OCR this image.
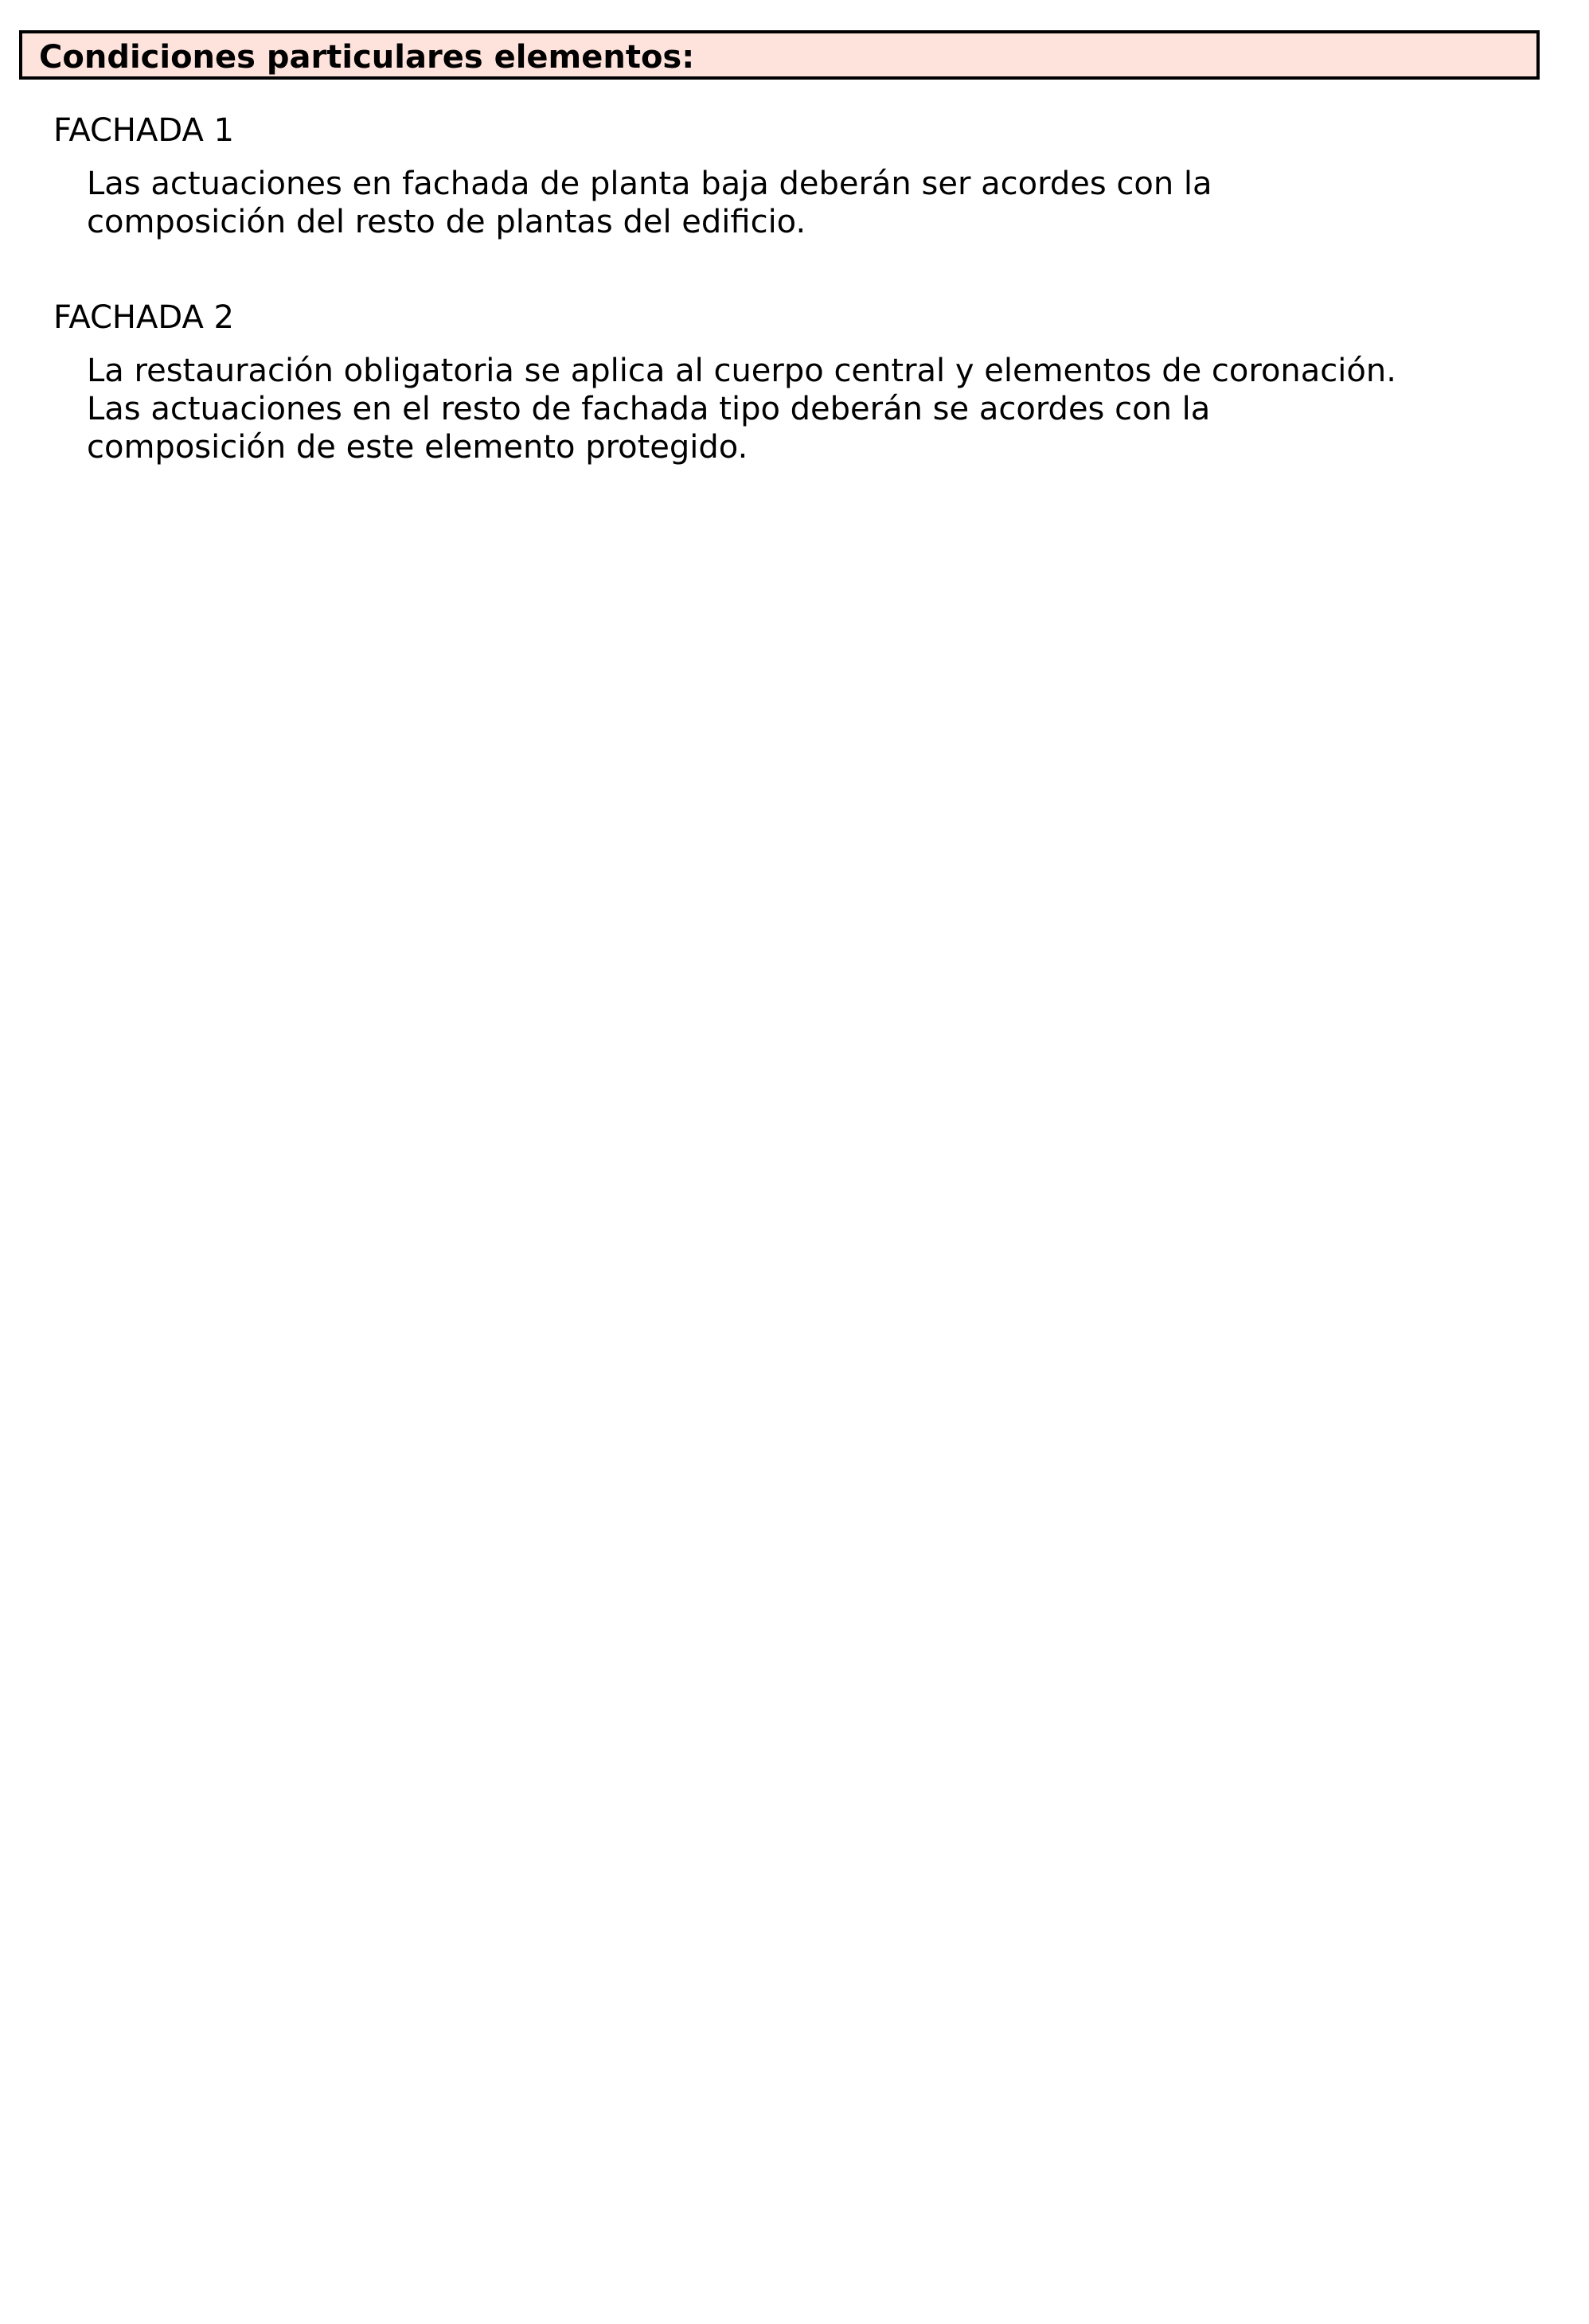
Condiciones particulares elementos:
FACHADA 1
Las actuaciones en fachada de planta baja deberán ser acordes con la
composición del resto de plantas del edificio.
FACHADA 2
La restauración obligatoria se aplica al cuerpo central y elementos de coronación.
Las actuaciones en el resto de fachada tipo deberán se acordes con la
composición de este elemento protegido.
